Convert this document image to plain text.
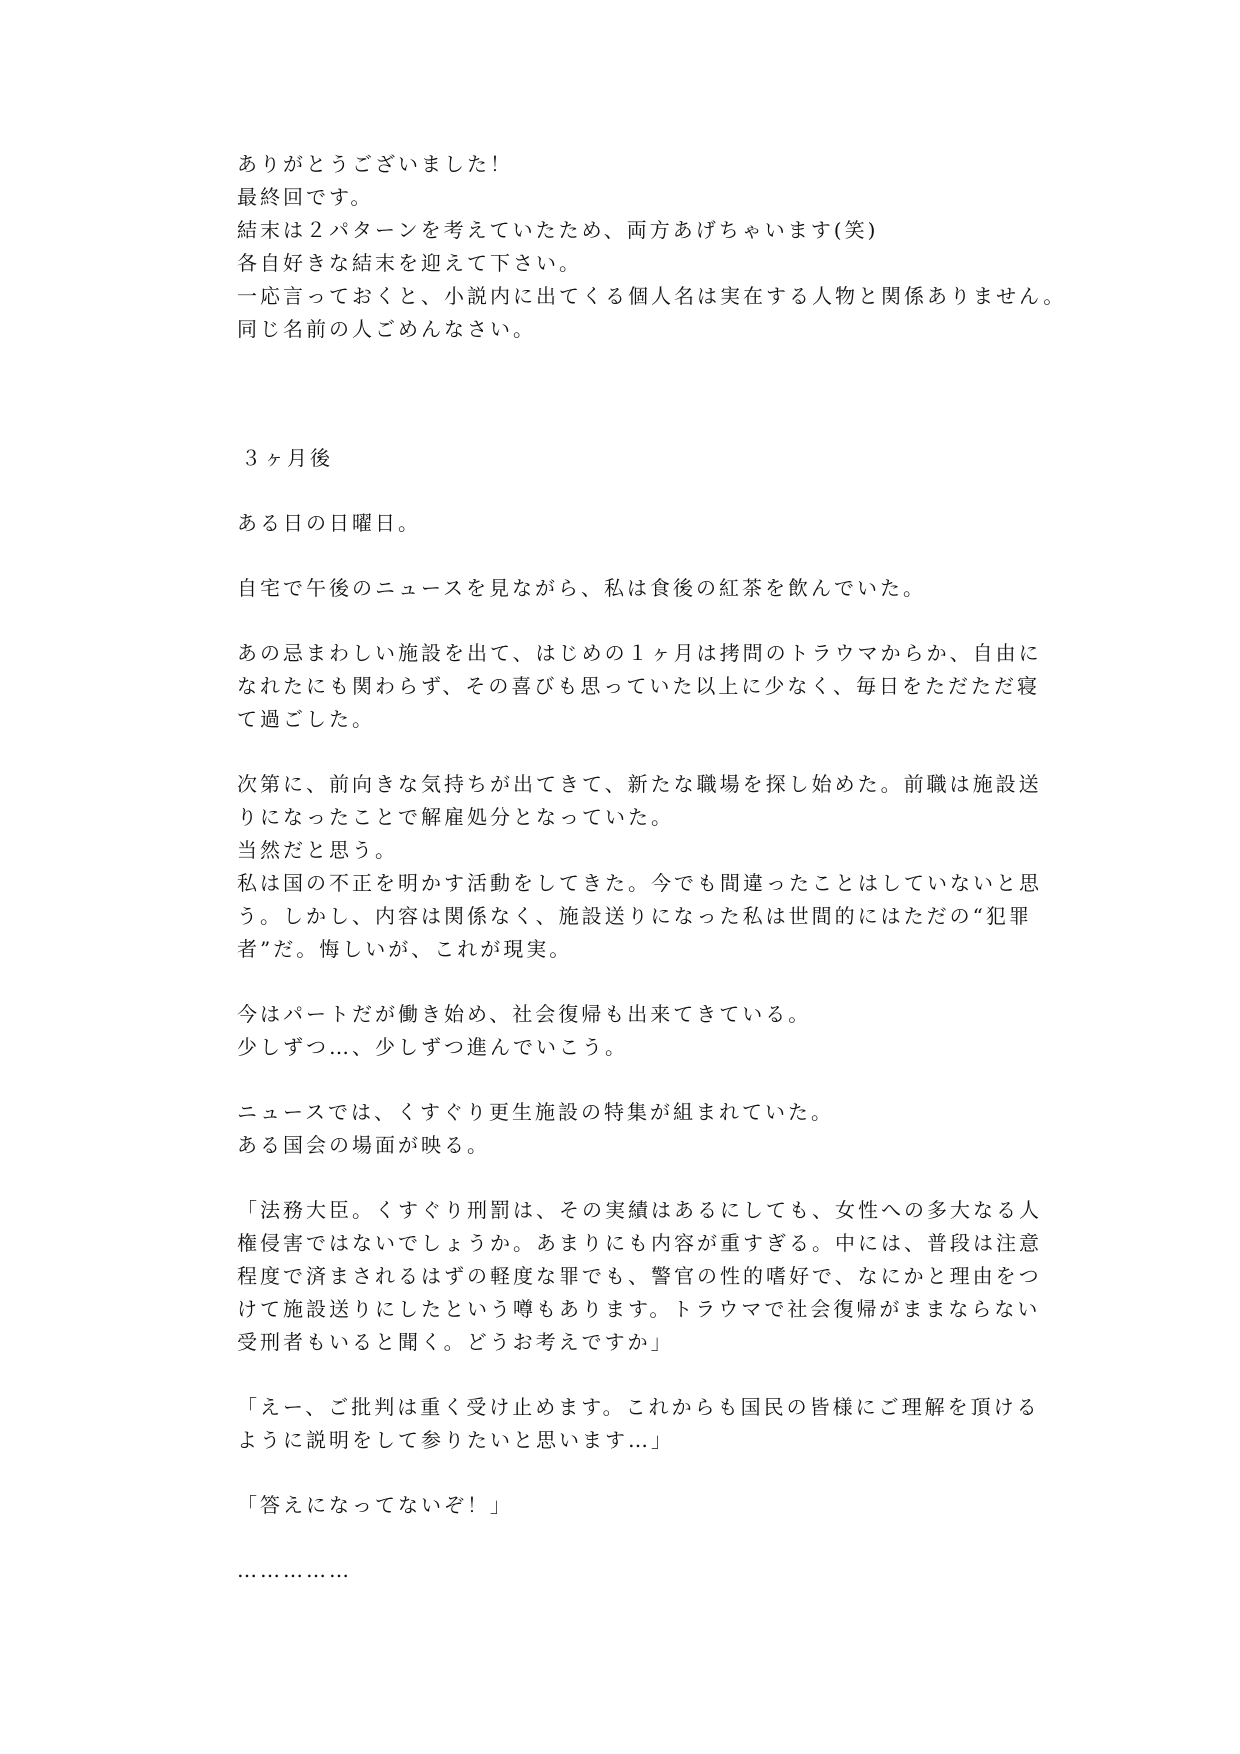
ありがとうございました！
最終回です。
結末は２パターンを考えていたため、両方あげちゃいます(笑)
各自好きな結末を迎えて下さい。
一応言っておくと、小説内に出てくる個人名は実在する人物と関係ありません。
同じ名前の人ごめんなさい。
３ヶ月後
ある日の日曜日。
自宅で午後のニュースを見ながら、私は食後の紅茶を飲んでいた。
あの忌まわしい施設を出て、はじめの１ヶ月は拷問のトラウマからか、自由に
なれたにも関わらず、その喜びも思っていた以上に少なく、毎日をただただ寝
て過ごした。
次第に、前向きな気持ちが出てきて、新たな職場を探し始めた。前職は施設送
りになったことで解雇処分となっていた。
当然だと思う。
私は国の不正を明かす活動をしてきた。今でも間違ったことはしていないと思
う。しかし、内容は関係なく、施設送りになった私は世間的にはただの“犯罪
者”だ。悔しいが、これが現実。
今はパートだが働き始め、社会復帰も出来てきている。
少しずつ…、少しずつ進んでいこう。
ニュースでは、くすぐり更生施設の特集が組まれていた。
ある国会の場面が映る。
「法務大臣。くすぐり刑罰は、その実績はあるにしても、女性への多大なる人
権侵害ではないでしょうか。あまりにも内容が重すぎる。中には、普段は注意
程度で済まされるはずの軽度な罪でも、警官の性的嗜好で、なにかと理由をつ
けて施設送りにしたという噂もあります。トラウマで社会復帰がままならない
受刑者もいると聞く。どうお考えですか」
「えー、ご批判は重く受け止めます。これからも国民の皆様にご理解を頂ける
ように説明をして参りたいと思います…」
「答えになってないぞ！」
……………
